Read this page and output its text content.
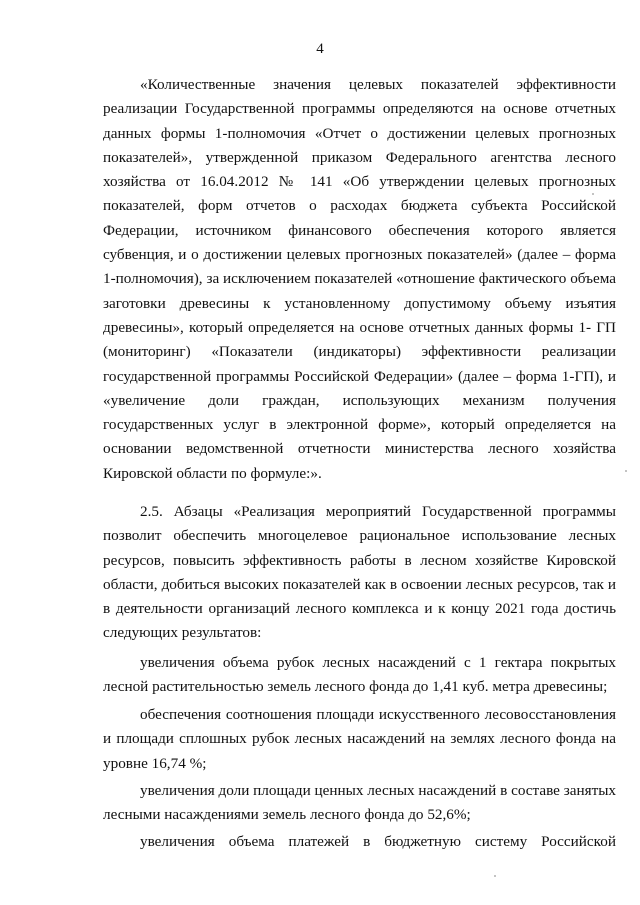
4

«Количественные значения целевых показателей эффективности реализации Государственной программы определяются на основе отчетных данных формы 1-полномочия «Отчет о достижении целевых прогнозных показателей», утвержденной приказом Федерального агентства лесного хозяйства от 16.04.2012 № 141 «Об утверждении целевых прогнозных показателей, форм отчетов о расходах бюджета субъекта Российской Федерации, источником финансового обеспечения которого является субвенция, и о достижении целевых прогнозных показателей» (далее – форма 1-полномочия), за исключением показателей «отношение фактического объема заготовки древесины к установленному допустимому объему изъятия древесины», который определяется на основе отчетных данных формы 1- ГП (мониторинг) «Показатели (индикаторы) эффективности реализации государственной программы Российской Федерации» (далее – форма 1-ГП), и «увеличение доли граждан, использующих механизм получения государственных услуг в электронной форме», который определяется на основании ведомственной отчетности министерства лесного хозяйства Кировской области по формуле:».

2.5. Абзацы «Реализация мероприятий Государственной программы позволит обеспечить многоцелевое рациональное использование лесных ресурсов, повысить эффективность работы в лесном хозяйстве Кировской области, добиться высоких показателей как в освоении лесных ресурсов, так и в деятельности организаций лесного комплекса и к концу 2021 года достичь следующих результатов:

увеличения объема рубок лесных насаждений с 1 гектара покрытых лесной растительностью земель лесного фонда до 1,41 куб. метра древесины;

обеспечения соотношения площади искусственного лесовосстановления и площади сплошных рубок лесных насаждений на землях лесного фонда на уровне 16,74 %;

увеличения доли площади ценных лесных насаждений в составе занятых лесными насаждениями земель лесного фонда до 52,6%;

увеличения объема платежей в бюджетную систему Российской
